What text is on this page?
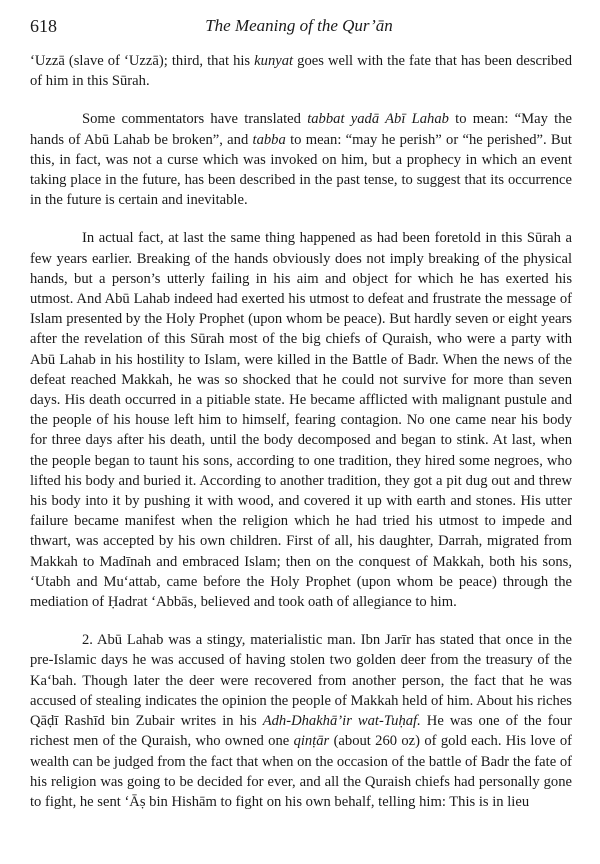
618	The Meaning of the Qur’ān

‘Uzzā (slave of ‘Uzzā); third, that his kunyat goes well with the fate that has been described of him in this Sūrah.

Some commentators have translated tabbat yadā Abī Lahab to mean: “May the hands of Abū Lahab be broken”, and tabba to mean: “may he perish” or “he perished”. But this, in fact, was not a curse which was invoked on him, but a prophecy in which an event taking place in the future, has been described in the past tense, to suggest that its occurrence in the future is certain and inevitable.

In actual fact, at last the same thing happened as had been foretold in this Sūrah a few years earlier. Breaking of the hands obviously does not imply breaking of the physical hands, but a person’s utterly failing in his aim and object for which he has exerted his utmost. And Abū Lahab indeed had exerted his utmost to defeat and frustrate the message of Islam presented by the Holy Prophet (upon whom be peace). But hardly seven or eight years after the revelation of this Sūrah most of the big chiefs of Quraish, who were a party with Abū Lahab in his hostility to Islam, were killed in the Battle of Badr. When the news of the defeat reached Makkah, he was so shocked that he could not survive for more than seven days. His death occurred in a pitiable state. He became afflicted with malignant pustule and the people of his house left him to himself, fearing contagion. No one came near his body for three days after his death, until the body decomposed and began to stink. At last, when the people began to taunt his sons, according to one tradition, they hired some negroes, who lifted his body and buried it. According to another tradition, they got a pit dug out and threw his body into it by pushing it with wood, and covered it up with earth and stones. His utter failure became manifest when the religion which he had tried his utmost to impede and thwart, was accepted by his own children. First of all, his daughter, Darrah, migrated from Makkah to Madīnah and embraced Islam; then on the conquest of Makkah, both his sons, ‘Utabh and Mu‘attab, came before the Holy Prophet (upon whom be peace) through the mediation of Ḥadrat ‘Abbās, believed and took oath of allegiance to him.

2. Abū Lahab was a stingy, materialistic man. Ibn Jarīr has stated that once in the pre-Islamic days he was accused of having stolen two golden deer from the treasury of the Ka‘bah. Though later the deer were recovered from another person, the fact that he was accused of stealing indicates the opinion the people of Makkah held of him. About his riches Qāḍī Rashīd bin Zubair writes in his Adh-Dhakhā’ir wat-Tuḥaf. He was one of the four richest men of the Quraish, who owned one qinṭār (about 260 oz) of gold each. His love of wealth can be judged from the fact that when on the occasion of the battle of Badr the fate of his religion was going to be decided for ever, and all the Quraish chiefs had personally gone to fight, he sent ‘Āṣ bin Hishām to fight on his own behalf, telling him: This is in lieu
